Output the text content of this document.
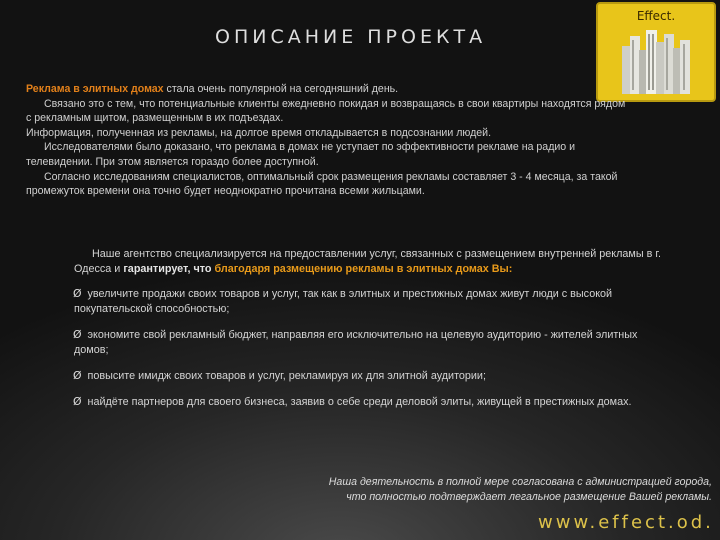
ОПИСАНИЕ ПРОЕКТА
Effect.

Реклама в элитных домах стала очень популярной на сегодняшний день.

Связано это с тем, что потенциальные клиенты ежедневно покидая и возвращаясь в свои квартиры находятся рядом с рекламным щитом, размещенным в их подъездах.

Информация, полученная из рекламы, на долгое время откладывается в подсознании людей.

Исследователями было доказано, что реклама в домах не уступает по эффективности рекламе на радио и телевидении. При этом является гораздо более доступной.

Согласно исследованиям специалистов, оптимальный срок размещения рекламы составляет 3 - 4 месяца, за такой промежуток времени она точно будет неоднократно прочитана всеми жильцами.

Наше агентство специализируется на предоставлении услуг, связанных с размещением внутренней рекламы в г. Одесса и гарантирует, что благодаря размещению рекламы в элитных домах Вы:

Ø увеличите продажи своих товаров и услуг, так как в элитных и престижных домах живут люди с высокой покупательской способностью;

Ø экономите свой рекламный бюджет, направляя его исключительно на целевую аудиторию - жителей элитных домов;

Ø повысите имидж своих товаров и услуг, рекламируя их для элитной аудитории;

Ø найдёте партнеров для своего бизнеса, заявив о себе среди деловой элиты, живущей в престижных домах.

Наша деятельность в полной мере согласована с администрацией города,

что полностью подтверждает легальное размещение Вашей рекламы.

www.effect.od.
